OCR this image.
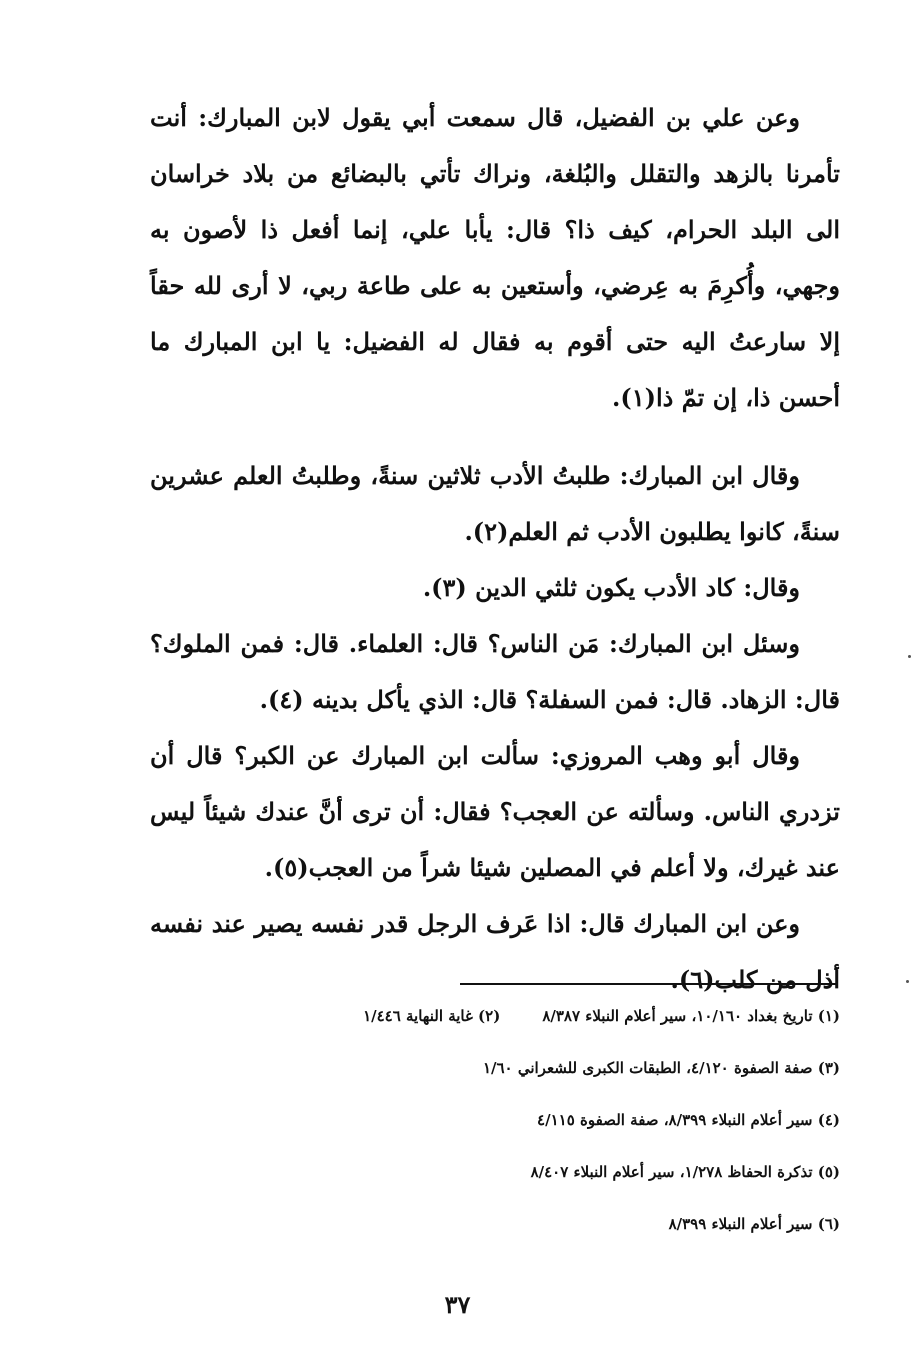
وعن علي بن الفضيل، قال سمعت أبي يقول لابن المبارك: أنت تأمرنا بالزهد والتقلل والبُلغة، ونراك تأتي بالبضائع من بلاد خراسان الى البلد الحرام، كيف ذا؟ قال: يأبا علي، إنما أفعل ذا لأصون به وجهي، وأُكرِمَ به عِرضي، وأستعين به على طاعة ربي، لا أرى لله حقاً إلا سارعتُ اليه حتى أقوم به فقال له الفضيل: يا ابن المبارك ما أحسن ذا، إن تمّ ذا(١).

وقال ابن المبارك: طلبتُ الأدب ثلاثين سنةً، وطلبتُ العلم عشرين سنةً، كانوا يطلبون الأدب ثم العلم(٢).

وقال: كاد الأدب يكون ثلثي الدين (٣).

وسئل ابن المبارك: مَن الناس؟ قال: العلماء. قال: فمن الملوك؟ قال: الزهاد. قال: فمن السفلة؟ قال: الذي يأكل بدينه (٤).

وقال أبو وهب المروزي: سألت ابن المبارك عن الكبر؟ قال أن تزدري الناس. وسألته عن العجب؟ فقال: أن ترى أنَّ عندك شيئاً ليس عند غيرك، ولا أعلم في المصلين شيئا شراً من العجب(٥).

وعن ابن المبارك قال: اذا عَرف الرجل قدر نفسه يصير عند نفسه أذل من كلب(٦).

(١) تاريخ بغداد ١٠/١٦٠، سير أعلام النبلاء ٨/٣٨٧
(٢) غاية النهاية ١/٤٤٦
(٣) صفة الصفوة ٤/١٢٠، الطبقات الكبرى للشعراني ١/٦٠
(٤) سير أعلام النبلاء ٨/٣٩٩، صفة الصفوة ٤/١١٥
(٥) تذكرة الحفاظ ١/٢٧٨، سير أعلام النبلاء ٨/٤٠٧
(٦) سير أعلام النبلاء ٨/٣٩٩
٣٧
